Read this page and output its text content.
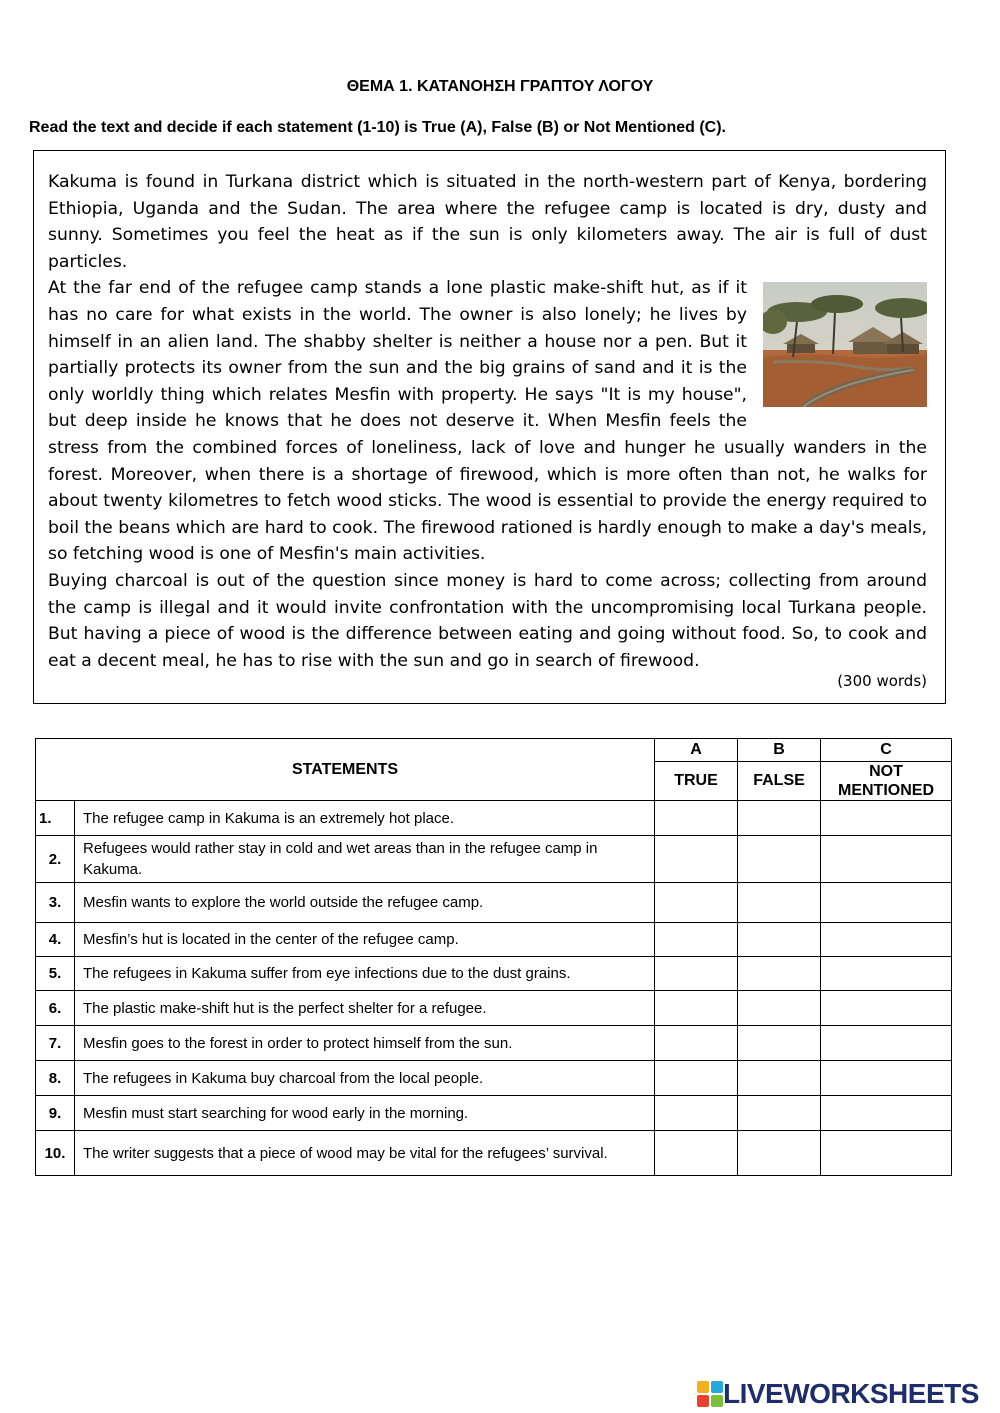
ΘΕΜΑ 1. ΚΑΤΑΝΟΗΣΗ ΓΡΑΠΤΟΥ ΛΟΓΟΥ
Read the text and decide if each statement (1-10) is True (A), False (B) or Not Mentioned (C).

Kakuma is found in Turkana district which is situated in the north-western part of Kenya, bordering Ethiopia, Uganda and the Sudan. The area where the refugee camp is located is dry, dusty and sunny. Sometimes you feel the heat as if the sun is only kilometers away. The air is full of dust particles.

At the far end of the refugee camp stands a lone plastic make-shift hut, as if it has no care for what exists in the world. The owner is also lonely; he lives by himself in an alien land. The shabby shelter is neither a house nor a pen. But it partially protects its owner from the sun and the big grains of sand and it is the only worldly thing which relates Mesfin with property. He says "It is my house", but deep inside he knows that he does not deserve it. When Mesfin feels the stress from the combined forces of loneliness, lack of love and hunger he usually wanders in the forest. Moreover, when there is a shortage of firewood, which is more often than not, he walks for about twenty kilometres to fetch wood sticks. The wood is essential to provide the energy required to boil the beans which are hard to cook. The firewood rationed is hardly enough to make a day's meals, so fetching wood is one of Mesfin's main activities.

Buying charcoal is out of the question since money is hard to come across; collecting from around the camp is illegal and it would invite confrontation with the uncompromising local Turkana people. But having a piece of wood is the difference between eating and going without food. So, to cook and eat a decent meal, he has to rise with the sun and go in search of firewood.

(300 words)
STATEMENTS		A	B	C
		TRUE	FALSE	NOT
MENTIONED
1.	The refugee camp in Kakuma is an extremely hot place.			
2.	Refugees would rather stay in cold and wet areas than in the refugee camp in Kakuma.			
3.	Mesfin wants to explore the world outside the refugee camp.			
4.	Mesfin’s hut is located in the center of the refugee camp.			
5.	The refugees in Kakuma suffer from eye infections due to the dust grains.			
6.	The plastic make-shift hut is the perfect shelter for a refugee.			
7.	Mesfin goes to the forest in order to protect himself from the sun.			
8.	The refugees in Kakuma buy charcoal from the local people.			
9.	Mesfin must start searching for wood early in the morning.			
10.	The writer suggests that a piece of wood may be vital for the refugees’ survival.			
LIVEWORKSHEETS
